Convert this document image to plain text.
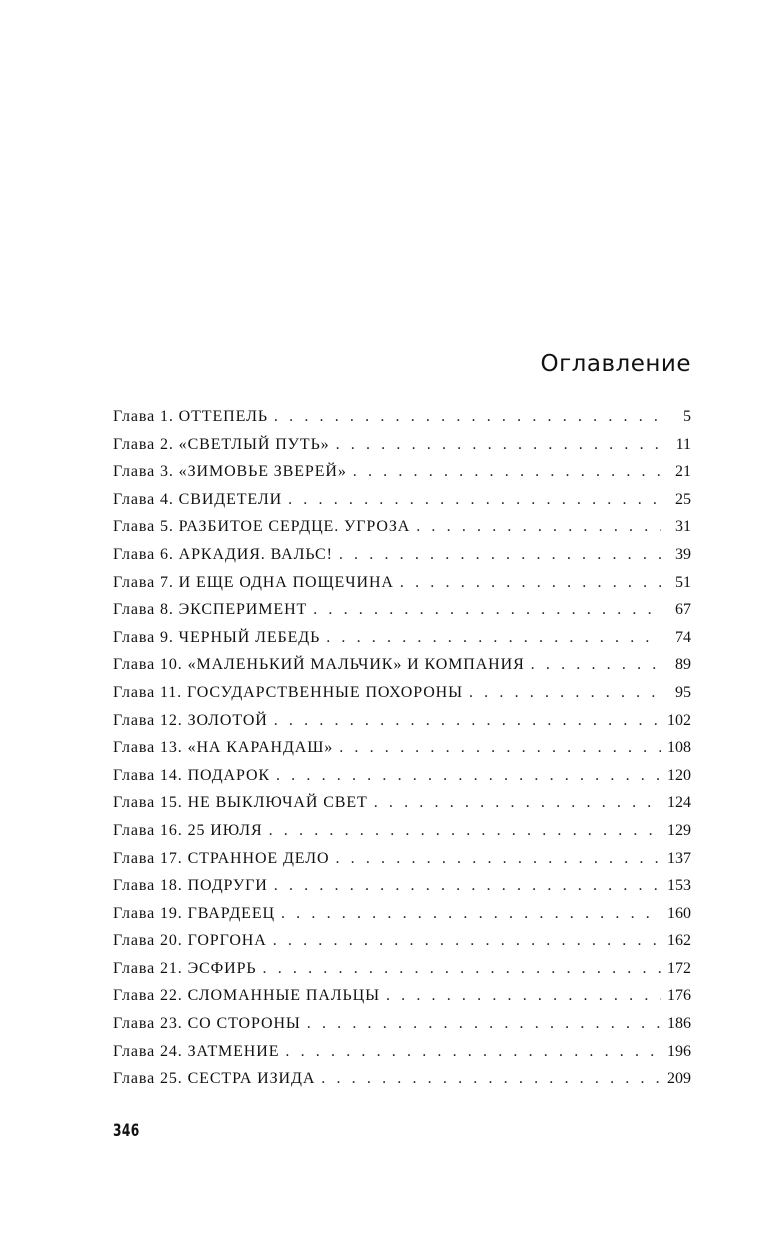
Оглавление
Глава 1. ОТТЕПЕЛЬ . . .	5
Глава 2. «СВЕТЛЫЙ ПУТЬ» . . .	11
Глава 3. «ЗИМОВЬЕ ЗВЕРЕЙ» . . .	21
Глава 4. СВИДЕТЕЛИ . . .	25
Глава 5. РАЗБИТОЕ СЕРДЦЕ. УГРОЗА . . .	31
Глава 6. АРКАДИЯ. ВАЛЬС! . . .	39
Глава 7. И ЕЩЕ ОДНА ПОЩЕЧИНА . . .	51
Глава 8. ЭКСПЕРИМЕНТ . . .	67
Глава 9. ЧЕРНЫЙ ЛЕБЕДЬ . . .	74
Глава 10. «МАЛЕНЬКИЙ МАЛЬЧИК» И КОМПАНИЯ . . .	89
Глава 11. ГОСУДАРСТВЕННЫЕ ПОХОРОНЫ . . .	95
Глава 12. ЗОЛОТОЙ . . .	102
Глава 13. «НА КАРАНДАШ» . . .	108
Глава 14. ПОДАРОК . . .	120
Глава 15. НЕ ВЫКЛЮЧАЙ СВЕТ . . .	124
Глава 16. 25 ИЮЛЯ . . .	129
Глава 17. СТРАННОЕ ДЕЛО . . .	137
Глава 18. ПОДРУГИ . . .	153
Глава 19. ГВАРДЕЕЦ . . .	160
Глава 20. ГОРГОНА . . .	162
Глава 21. ЭСФИРЬ . . .	172
Глава 22. СЛОМАННЫЕ ПАЛЬЦЫ . . .	176
Глава 23. СО СТОРОНЫ . . .	186
Глава 24. ЗАТМЕНИЕ . . .	196
Глава 25. СЕСТРА ИЗИДА . . .	209
346
